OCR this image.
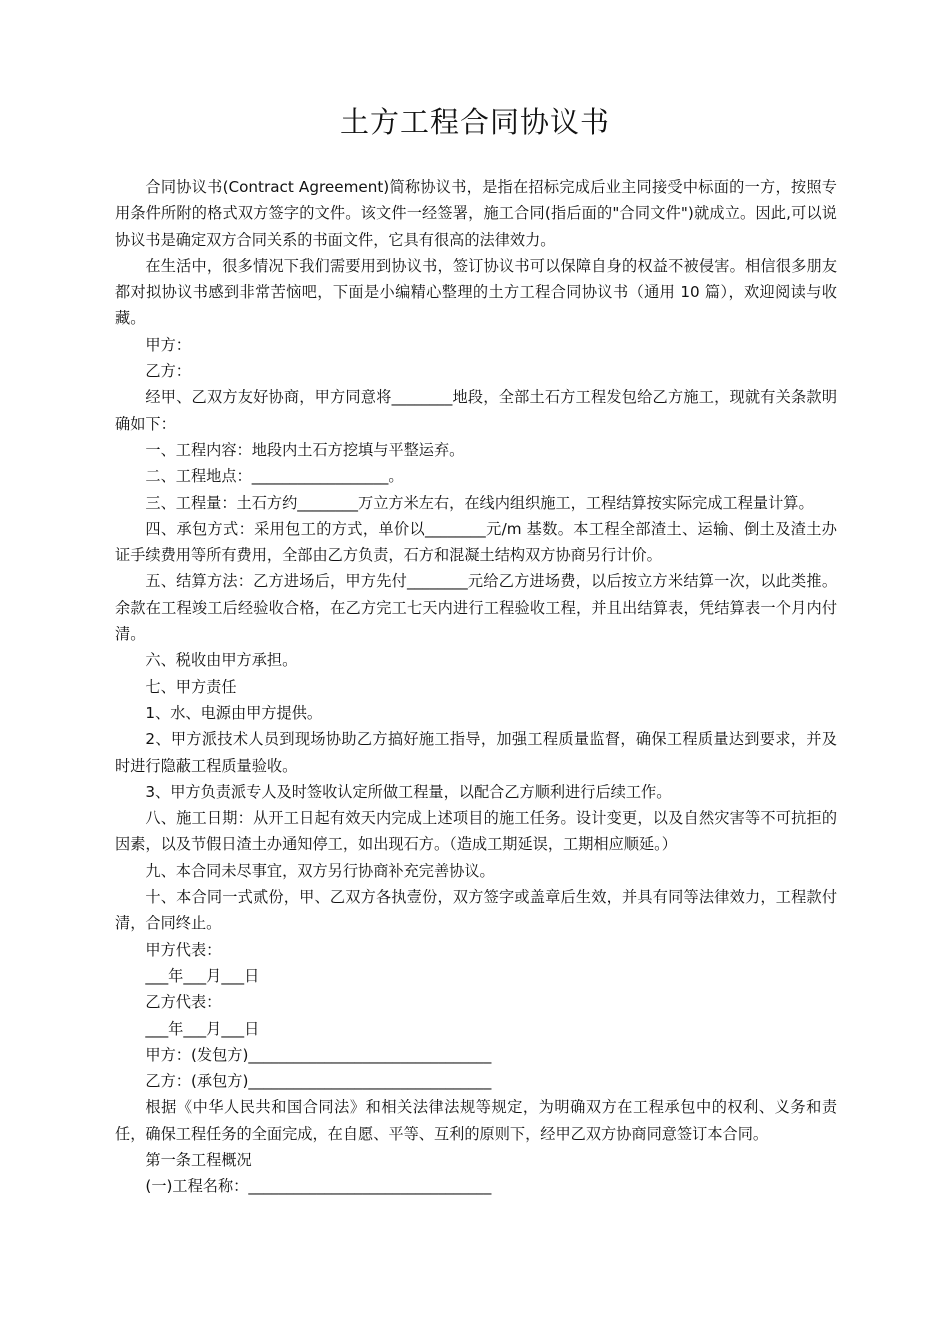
土方工程合同协议书

合同协议书(Contract Agreement)简称协议书，是指在招标完成后业主同接受中标面的一方，按照专用条件所附的格式双方签字的文件。该文件一经签署，施工合同(指后面的"合同文件")就成立。因此,可以说协议书是确定双方合同关系的书面文件，它具有很高的法律效力。

在生活中，很多情况下我们需要用到协议书，签订协议书可以保障自身的权益不被侵害。相信很多朋友都对拟协议书感到非常苦恼吧，下面是小编精心整理的土方工程合同协议书（通用 10 篇），欢迎阅读与收藏。

甲方：

乙方：

经甲、乙双方友好协商，甲方同意将________地段，全部土石方工程发包给乙方施工，现就有关条款明确如下：

一、工程内容：地段内土石方挖填与平整运弃。

二、工程地点：__________________。

三、工程量：土石方约________万立方米左右，在线内组织施工，工程结算按实际完成工程量计算。

四、承包方式：采用包工的方式，单价以________元/m 基数。本工程全部渣土、运输、倒土及渣土办证手续费用等所有费用，全部由乙方负责，石方和混凝土结构双方协商另行计价。

五、结算方法：乙方进场后，甲方先付________元给乙方进场费，以后按立方米结算一次，以此类推。余款在工程竣工后经验收合格，在乙方完工七天内进行工程验收工程，并且出结算表，凭结算表一个月内付清。

六、税收由甲方承担。

七、甲方责任

1、水、电源由甲方提供。

2、甲方派技术人员到现场协助乙方搞好施工指导，加强工程质量监督，确保工程质量达到要求，并及时进行隐蔽工程质量验收。

3、甲方负责派专人及时签收认定所做工程量，以配合乙方顺利进行后续工作。

八、施工日期：从开工日起有效天内完成上述项目的施工任务。设计变更，以及自然灾害等不可抗拒的因素，以及节假日渣土办通知停工，如出现石方。（造成工期延误，工期相应顺延。）

九、本合同未尽事宜，双方另行协商补充完善协议。

十、本合同一式贰份，甲、乙双方各执壹份，双方签字或盖章后生效，并具有同等法律效力，工程款付清，合同终止。

甲方代表：

___年___月___日

乙方代表：

___年___月___日

甲方：(发包方)________________________________

乙方：(承包方)________________________________

根据《中华人民共和国合同法》和相关法律法规等规定，为明确双方在工程承包中的权利、义务和责任，确保工程任务的全面完成，在自愿、平等、互利的原则下，经甲乙双方协商同意签订本合同。

第一条工程概况

(一)工程名称：________________________________
